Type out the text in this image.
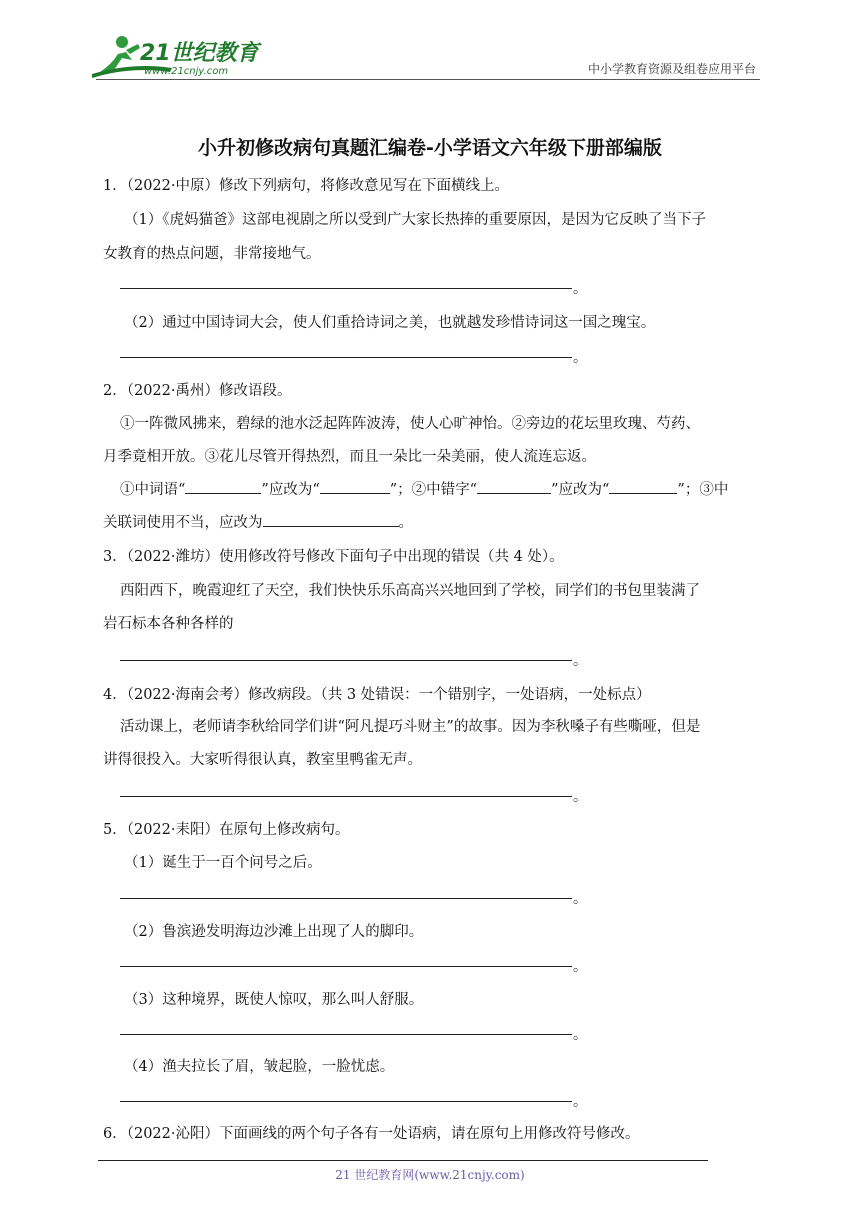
21世纪教育
www.21cnjy.com	中小学教育资源及组卷应用平台
小升初修改病句真题汇编卷-小学语文六年级下册部编版
1．（2022·中原）修改下列病句，将修改意见写在下面横线上。
（1）《虎妈猫爸》这部电视剧之所以受到广大家长热捧的重要原因，是因为它反映了当下子
女教育的热点问题，非常接地气。
。
（2）通过中国诗词大会，使人们重拾诗词之美，也就越发珍惜诗词这一国之瑰宝。
。
2．（2022·禹州）修改语段。
①一阵微风拂来，碧绿的池水泛起阵阵波涛，使人心旷神怡。②旁边的花坛里玫瑰、芍药、
月季竟相开放。③花儿尽管开得热烈，而且一朵比一朵美丽，使人流连忘返。
①中词语“	”应改为“	”；②中错字“	”应改为“	”；③中
关联词使用不当，应改为	。
3．（2022·潍坊）使用修改符号修改下面句子中出现的错误（共 4 处）。
西阳西下，晚霞迎红了天空，我们快快乐乐高高兴兴地回到了学校，同学们的书包里装满了
岩石标本各种各样的
。
4．（2022·海南会考）修改病段。（共 3 处错误：一个错别字，一处语病，一处标点）
活动课上，老师请李秋给同学们讲“阿凡提巧斗财主”的故事。因为李秋嗓子有些嘶哑，但是
讲得很投入。大家听得很认真，教室里鸭雀无声。
。
5．（2022·耒阳）在原句上修改病句。
（1）诞生于一百个问号之后。
。
（2）鲁滨逊发明海边沙滩上出现了人的脚印。
。
（3）这种境界，既使人惊叹，那么叫人舒服。
。
（4）渔夫拉长了眉，皱起脸，一脸忧虑。
。
6．（2022·沁阳）下面画线的两个句子各有一处语病，请在原句上用修改符号修改。
21 世纪教育网(www.21cnjy.com)
